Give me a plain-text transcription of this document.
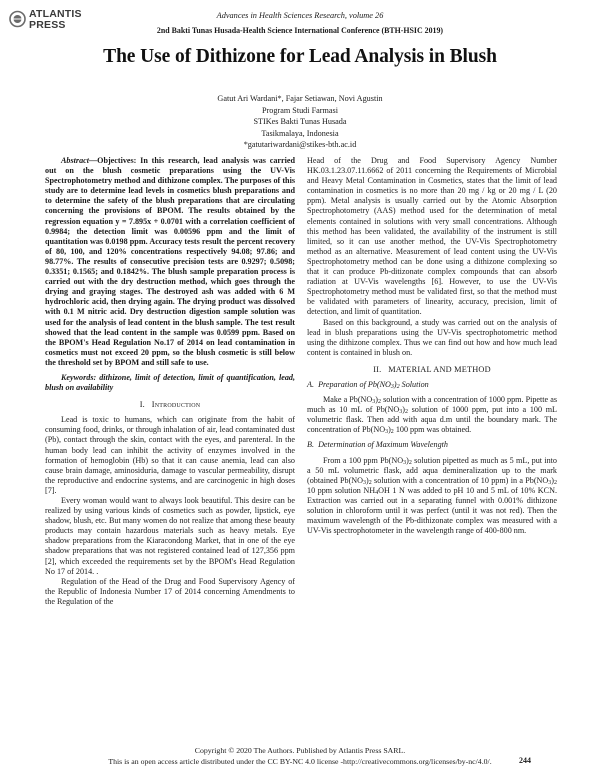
ATLANTIS
PRESS
Advances in Health Sciences Research, volume 26
2nd Bakti Tunas Husada-Health Science International Conference (BTH-HSIC 2019)
The Use of Dithizone for Lead Analysis in Blush
Gatut Ari Wardani*, Fajar Setiawan, Novi Agustin
Program Studi Farmasi
STIKes Bakti Tunas Husada
Tasikmalaya, Indonesia
*gatutariwardani@stikes-bth.ac.id

Abstract—Objectives: In this research, lead analysis was carried out on the blush cosmetic preparations using the UV-Vis Spectrophotometry method and dithizone complex. The purposes of this study are to determine lead levels in cosmetics blush preparations and to determine the safety of the blush preparations that are circulating concerning the provisions of BPOM. The results obtained by the regression equation y = 7.895x + 0.0701 with a correlation coefficient of 0.9984; the detection limit was 0.00596 ppm and the limit of quantitation was 0.0198 ppm. Accuracy tests result the percent recovery of 80, 100, and 120% concentrations respectively 94.08; 97.86; and 98.77%. The results of consecutive precision tests are 0.9297; 0.5098; 0.3351; 0.1565; and 0.1842%. The blush sample preparation process is carried out with the dry destruction method, which goes through the drying and graying stages. The destroyed ash was added with 6 M hydrochloric acid, then drying again. The drying product was dissolved with 0.1 M nitric acid. Dry destruction digestion sample solution was used for the analysis of lead content in the blush sample. The test result showed that the lead content in the sample was 0.0599 ppm. Based on the BPOM's Head Regulation No.17 of 2014 on lead contamination in cosmetics must not exceed 20 ppm, so the blush cosmetic is still below the threshold set by BPOM and still safe to use.

Keywords: dithizone, limit of detection, limit of quantification, lead, blush on availability

I. Introduction

Lead is toxic to humans, which can originate from the habit of consuming food, drinks, or through inhalation of air, lead contaminated dust (Pb), contact through the skin, contact with the eyes, and parenteral. In the human body lead can inhibit the activity of enzymes involved in the formation of hemoglobin (Hb) so that it can cause anemia, lead can also cause brain damage, aminosiduria, damage to vascular permeability, disrupt the reproductive and endocrine systems, and are carcinogenic in high doses [7].

Every woman would want to always look beautiful. This desire can be realized by using various kinds of cosmetics such as powder, lipstick, eye shadow, blush, etc. But many women do not realize that among these beauty products may contain hazardous materials such as heavy metals. Eye shadow preparations from the Kiaracondong Market, that in one of the eye shadow preparations that was not registered contained lead of 127,356 ppm [2], which exceeded the requirements set by the BPOM's Head Regulation No 17 of 2014. .

Regulation of the Head of the Drug and Food Supervisory Agency of the Republic of Indonesia Number 17 of 2014 concerning Amendments to the Regulation of the

Head of the Drug and Food Supervisory Agency Number HK.03.1.23.07.11.6662 of 2011 concerning the Requirements of Microbial and Heavy Metal Contamination in Cosmetics, states that the limit of lead contamination in cosmetics is no more than 20 mg / kg or 20 mg / L (20 ppm). Metal analysis is usually carried out by the Atomic Absorption Spectrophotometry (AAS) method used for the determination of metal elements contained in solutions with very small concentrations. Although this method has been validated, the availability of the instrument is still limited, so it can use another method, the UV-Vis Spectrophotometry method as an alternative. Measurement of lead content using the UV-Vis Spectrophotometry method can be done using a dithizone complexing so that it can produce Pb-ditizonate complex compounds that can absorb radiation at UV-Vis wavelengths [6]. However, to use the UV-Vis Spectrophotometry method must be validated first, so that the method must be validated with parameters of linearity, accuracy, precision, limit of detection, and limit of quantitation.

Based on this background, a study was carried out on the analysis of lead in blush preparations using the UV-Vis spectrophotometric method using the dithizone complex. Thus we can find out how and how much lead content is contained in blush on.

II. MATERIAL AND METHOD
A. Preparation of $Pb(NO_3)_2$ Solution

Make a $Pb(NO_3)_2$ solution with a concentration of 1000 ppm. Pipette as much as 10 mL of $Pb(NO_3)_2$ solution of 1000 ppm, put into a 100 mL volumetric flask. Then add with aqua d.m until the boundary mark. The concentration of $Pb(NO_3)_2$ 100 ppm was obtained.

B. Determination of Maximum Wavelength

From a 100 ppm $Pb(NO_3)_2$ solution pipetted as much as 5 mL, put into a 50 mL volumetric flask, add aqua demineralization up to the mark (obtained $Pb(NO_3)_2$ solution with a concentration of 10 ppm) in a $Pb(NO_3)_2$ 10 ppm solution $NH_4OH$ 1 N was added to pH 10 and 5 mL of 10% KCN. Extraction was carried out in a separating funnel with 0.001% dithizone solution in chloroform until it was perfect (until it was not red). Then the maximum wavelength of the Pb-dithizonate complex was measured with a UV-Vis spectrophotometer in the wavelength range of 400-800 nm.

Copyright © 2020 The Authors. Published by Atlantis Press SARL.
This is an open access article distributed under the CC BY-NC 4.0 license -http://creativecommons.org/licenses/by-nc/4.0/.	244
